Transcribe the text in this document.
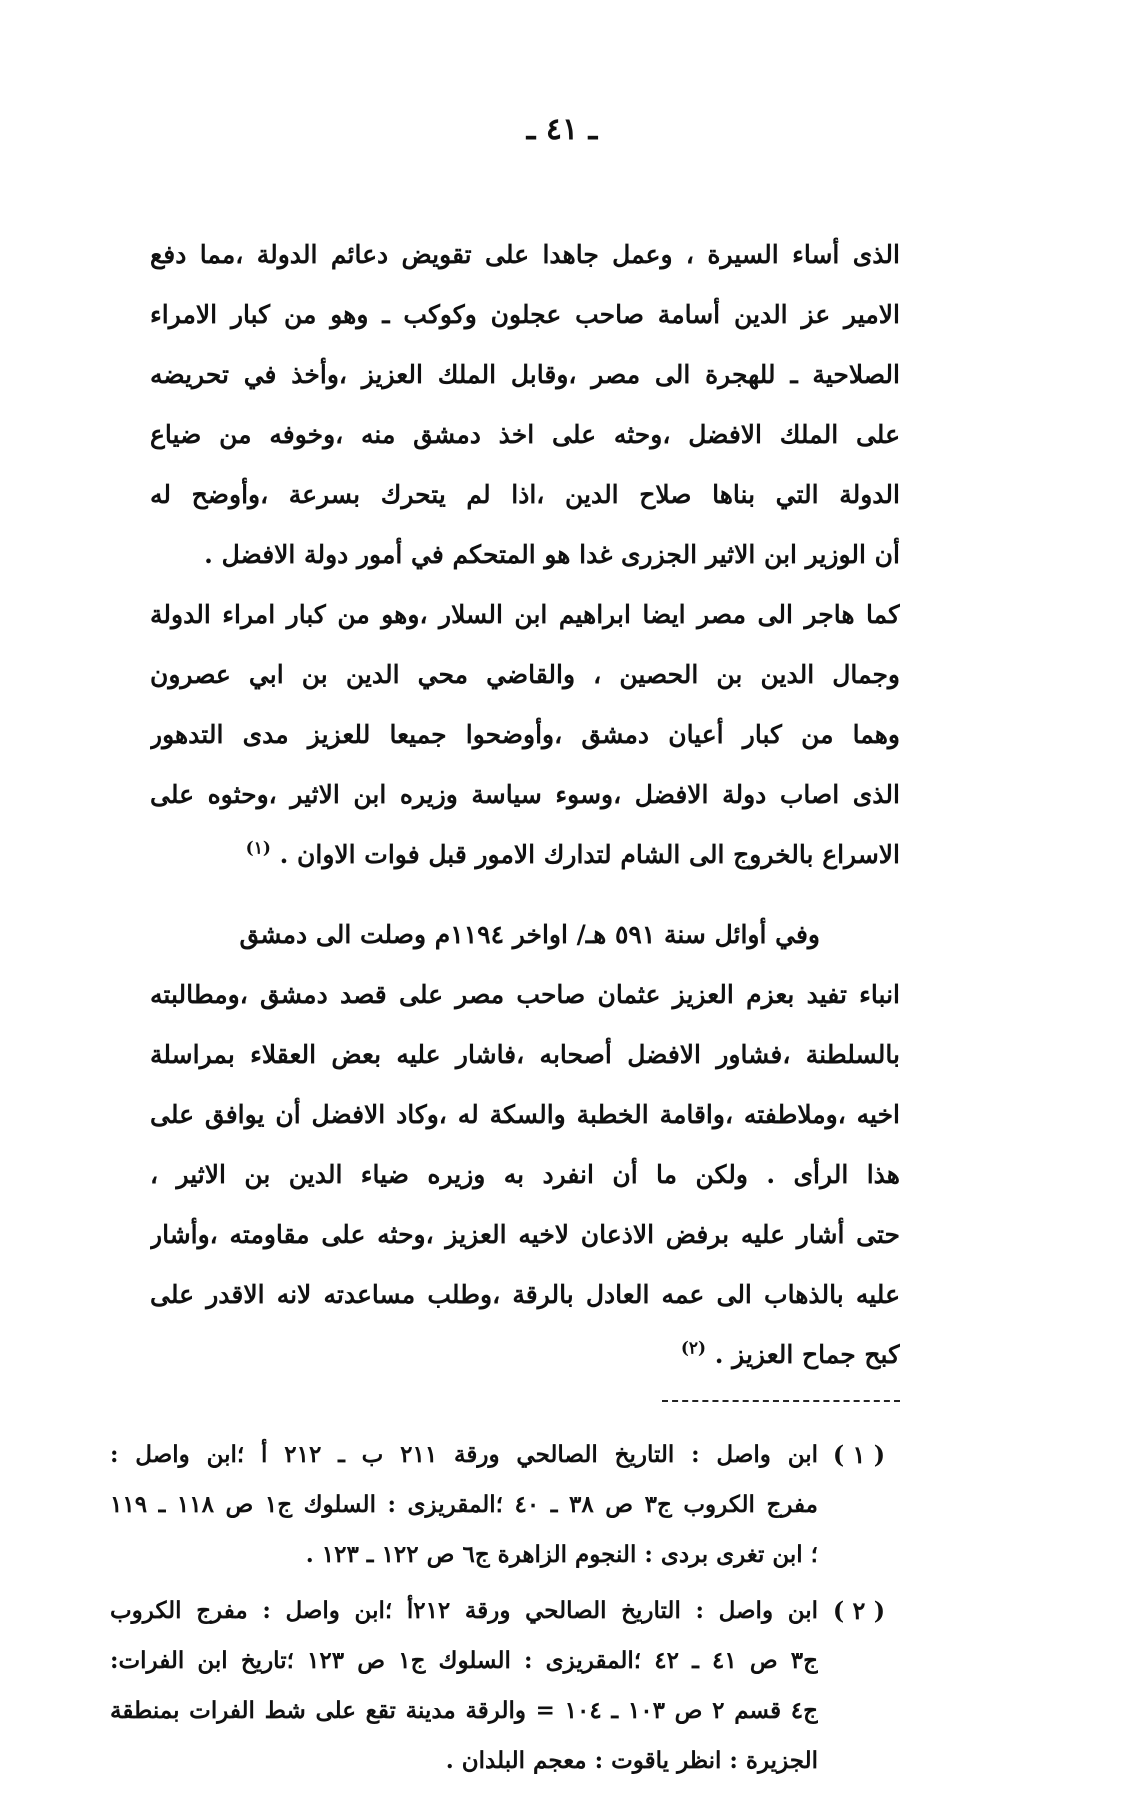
ـ ٤١ ـ
الذى أساء السيرة ، وعمل جاهدا على تقويض دعائم الدولة ،مما دفع
الامير عز الدين أسامة صاحب عجلون وكوكب ـ وهو من كبار الامراء
الصلاحية ـ للهجرة الى مصر ،وقابل الملك العزيز ،وأخذ في تحريضه
على الملك الافضل ،وحثه على اخذ دمشق منه ،وخوفه من ضياع
الدولة التي بناها صلاح الدين ،اذا لم يتحرك بسرعة ،وأوضح له
أن الوزير ابن الاثير الجزرى غدا هو المتحكم في أمور دولة الافضل .
كما هاجر الى مصر ايضا ابراهيم ابن السلار ،وهو من كبار امراء الدولة
وجمال الدين بن الحصين ، والقاضي محي الدين بن ابي عصرون
وهما من كبار أعيان دمشق ،وأوضحوا جميعا للعزيز مدى التدهور
الذى اصاب دولة الافضل ،وسوء سياسة وزيره ابن الاثير ،وحثوه على
الاسراع بالخروج الى الشام لتدارك الامور قبل فوات الاوان . $^{(١)}$
وفي أوائل سنة ٥٩١ هـ/ اواخر ١١٩٤م وصلت الى دمشق
انباء تفيد بعزم العزيز عثمان صاحب مصر على قصد دمشق ،ومطالبته
بالسلطنة ،فشاور الافضل أصحابه ،فاشار عليه بعض العقلاء بمراسلة
اخيه ،وملاطفته ،واقامة الخطبة والسكة له ،وكاد الافضل أن يوافق على
هذا الرأى . ولكن ما أن انفرد به وزيره ضياء الدين بن الاثير ،
حتى أشار عليه برفض الاذعان لاخيه العزيز ،وحثه على مقاومته ،وأشار
عليه بالذهاب الى عمه العادل بالرقة ،وطلب مساعدته لانه الاقدر على
كبح جماح العزيز . $^{(٢)}$
( ١ )
ابن واصل : التاريخ الصالحي ورقة ٢١١ ب ـ ٢١٢ أ ؛ابن واصل :
مفرج الكروب ج٣ ص ٣٨ ـ ٤٠ ؛المقريزى : السلوك ج١ ص ١١٨ ـ ١١٩
؛ ابن تغرى بردى : النجوم الزاهرة ج٦ ص ١٢٢ ـ ١٢٣ .
( ٢ )
ابن واصل : التاريخ الصالحي ورقة ٢١٢أ ؛ابن واصل : مفرج الكروب
ج٣ ص ٤١ ـ ٤٢ ؛المقريزى : السلوك ج١ ص ١٢٣ ؛تاريخ ابن الفرات:
ج٤ قسم ٢ ص ١٠٣ ـ ١٠٤ = والرقة مدينة تقع على شط الفرات بمنطقة
الجزيرة : انظر ياقوت : معجم البلدان .
